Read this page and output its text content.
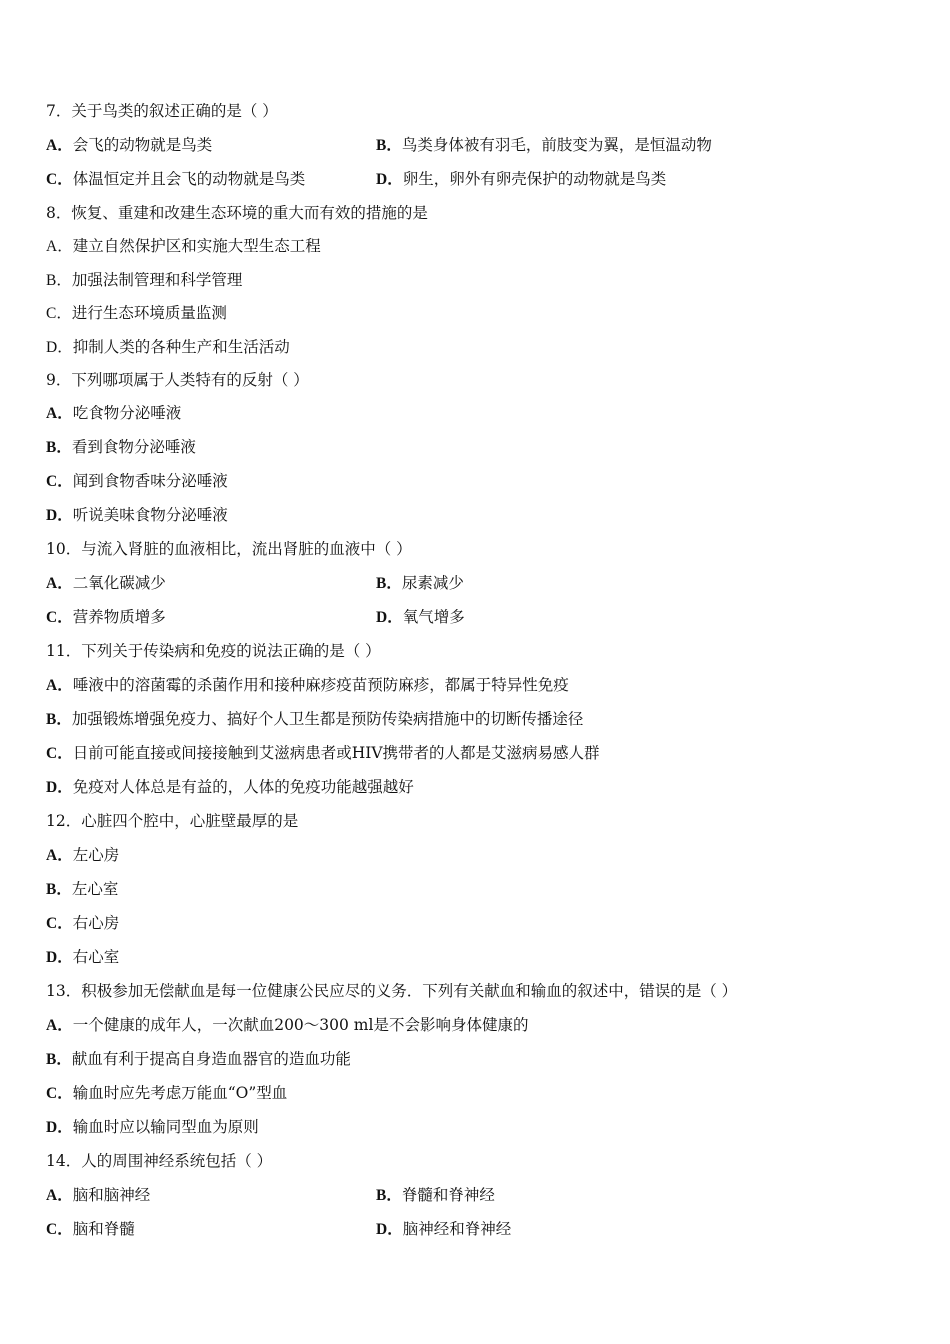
7．关于鸟类的叙述正确的是（ ）
A．会飞的动物就是鸟类	B．鸟类身体被有羽毛，前肢变为翼，是恒温动物
C．体温恒定并且会飞的动物就是鸟类	D．卵生，卵外有卵壳保护的动物就是鸟类
8．恢复、重建和改建生态环境的重大而有效的措施的是
A．建立自然保护区和实施大型生态工程
B．加强法制管理和科学管理
C．进行生态环境质量监测
D．抑制人类的各种生产和生活活动
9．下列哪项属于人类特有的反射（ ）
A．吃食物分泌唾液
B．看到食物分泌唾液
C．闻到食物香味分泌唾液
D．听说美味食物分泌唾液
10．与流入肾脏的血液相比，流出肾脏的血液中（ ）
A．二氧化碳减少	B．尿素减少
C．营养物质增多	D．氧气增多
11．下列关于传染病和免疫的说法正确的是（ ）
A．唾液中的溶菌霉的杀菌作用和接种麻疹疫苗预防麻疹，都属于特异性免疫
B．加强锻炼增强免疫力、搞好个人卫生都是预防传染病措施中的切断传播途径
C．日前可能直接或间接接触到艾滋病患者或HIV携带者的人都是艾滋病易感人群
D．免疫对人体总是有益的，人体的免疫功能越强越好
12．心脏四个腔中，心脏壁最厚的是
A．左心房
B．左心室
C．右心房
D．右心室
13．积极参加无偿献血是每一位健康公民应尽的义务．下列有关献血和输血的叙述中，错误的是（ ）
A．一个健康的成年人，一次献血200～300 ml是不会影响身体健康的
B．献血有利于提高自身造血器官的造血功能
C．输血时应先考虑万能血“O”型血
D．输血时应以输同型血为原则
14．人的周围神经系统包括（ ）
A．脑和脑神经	B．脊髓和脊神经
C．脑和脊髓	D．脑神经和脊神经
